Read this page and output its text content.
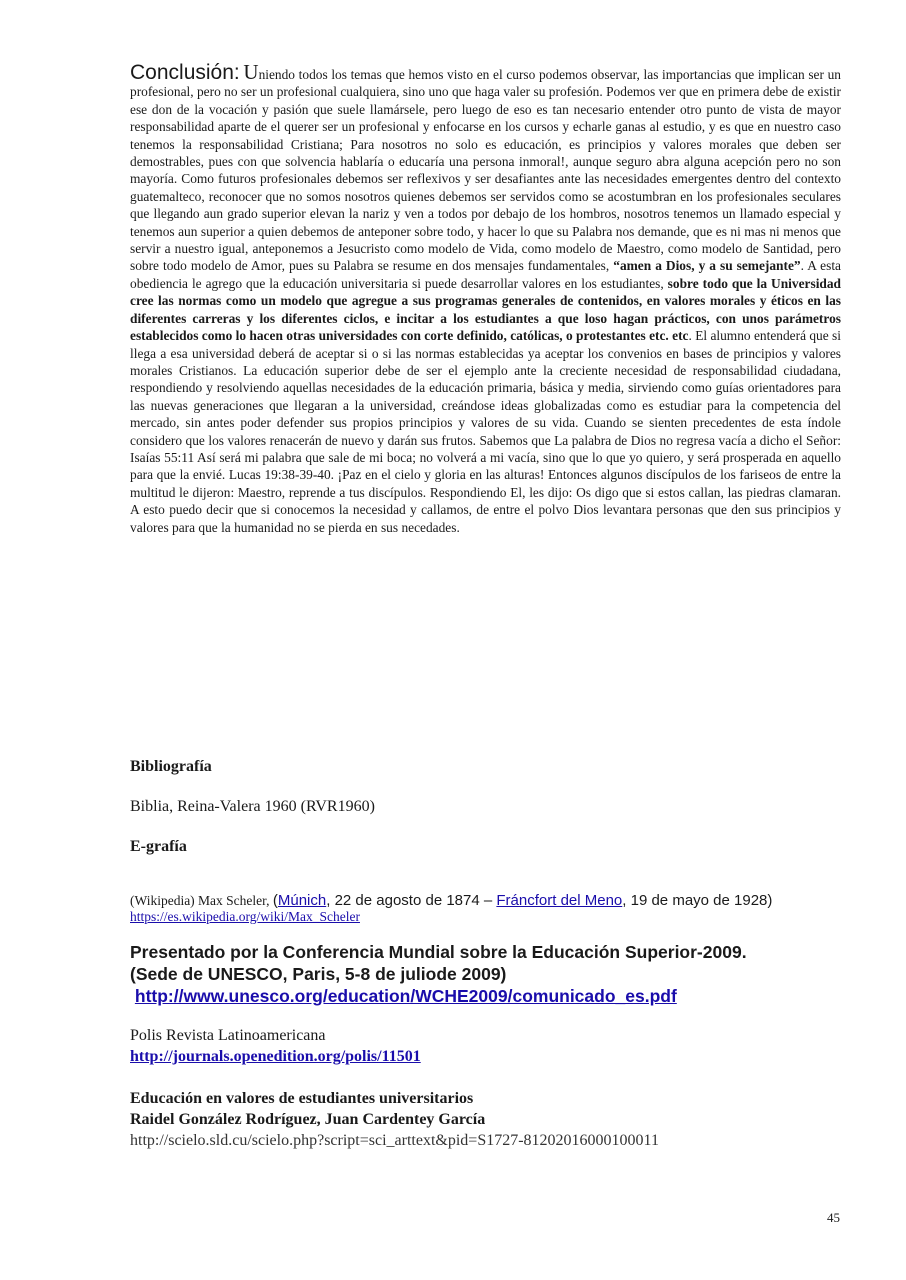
Conclusión: Uniendo todos los temas que hemos visto en el curso podemos observar, las importancias que implican ser un profesional, pero no ser un profesional cualquiera, sino uno que haga valer su profesión. Podemos ver que en primera debe de existir ese don de la vocación y pasión que suele llamársele, pero luego de eso es tan necesario entender otro punto de vista de mayor responsabilidad aparte de el querer ser un profesional y enfocarse en los cursos y echarle ganas al estudio, y es que en nuestro caso tenemos la responsabilidad Cristiana; Para nosotros no solo es educación, es principios y valores morales que deben ser demostrables, pues con que solvencia hablaría o educaría una persona inmoral!, aunque seguro abra alguna acepción pero no son mayoría. Como futuros profesionales debemos ser reflexivos y ser desafiantes ante las necesidades emergentes dentro del contexto guatemalteco, reconocer que no somos nosotros quienes debemos ser servidos como se acostumbran en los profesionales seculares que llegando aun grado superior elevan la nariz y ven a todos por debajo de los hombros, nosotros tenemos un llamado especial y tenemos aun superior a quien debemos de anteponer sobre todo, y hacer lo que su Palabra nos demande, que es ni mas ni menos que servir a nuestro igual, anteponemos a Jesucristo como modelo de Vida, como modelo de Maestro, como modelo de Santidad, pero sobre todo modelo de Amor, pues su Palabra se resume en dos mensajes fundamentales, “amen a Dios, y a su semejante”. A esta obediencia le agrego que la educación universitaria si puede desarrollar valores en los estudiantes, sobre todo que la Universidad cree las normas como un modelo que agregue a sus programas generales de contenidos, en valores morales y éticos en las diferentes carreras y los diferentes ciclos, e incitar a los estudiantes a que loso hagan prácticos, con unos parámetros establecidos como lo hacen otras universidades con corte definido, católicas, o protestantes etc. etc. El alumno entenderá que si llega a esa universidad deberá de aceptar si o si las normas establecidas ya aceptar los convenios en bases de principios y valores morales Cristianos. La educación superior debe de ser el ejemplo ante la creciente necesidad de responsabilidad ciudadana, respondiendo y resolviendo aquellas necesidades de la educación primaria, básica y media, sirviendo como guías orientadores para las nuevas generaciones que llegaran a la universidad, creándose ideas globalizadas como es estudiar para la competencia del mercado, sin antes poder defender sus propios principios y valores de su vida. Cuando se sienten precedentes de esta índole considero que los valores renacerán de nuevo y darán sus frutos. Sabemos que La palabra de Dios no regresa vacía a dicho el Señor: Isaías 55:11 Así será mi palabra que sale de mi boca; no volverá a mi vacía, sino que lo que yo quiero, y será prosperada en aquello para que la envié. Lucas 19:38-39-40. ¡Paz en el cielo y gloria en las alturas! Entonces algunos discípulos de los fariseos de entre la multitud le dijeron: Maestro, reprende a tus discípulos. Respondiendo El, les dijo: Os digo que si estos callan, las piedras clamaran. A esto puedo decir que si conocemos la necesidad y callamos, de entre el polvo Dios levantara personas que den sus principios y valores para que la humanidad no se pierda en sus necedades.

Bibliografía

Biblia, Reina-Valera 1960 (RVR1960)

E-grafía

(Wikipedia) Max Scheler, (Múnich, 22 de agosto de 1874 – Fráncfort del Meno, 19 de mayo de 1928)

https://es.wikipedia.org/wiki/Max_Scheler

Presentado por la Conferencia Mundial sobre la Educación Superior-2009.

(Sede de UNESCO, Paris, 5-8 de juliode 2009)

http://www.unesco.org/education/WCHE2009/comunicado_es.pdf

Polis Revista Latinoamericana

http://journals.openedition.org/polis/11501

Educación en valores de estudiantes universitarios

Raidel González Rodríguez, Juan Cardentey García

http://scielo.sld.cu/scielo.php?script=sci_arttext&pid=S1727-81202016000100011

45
